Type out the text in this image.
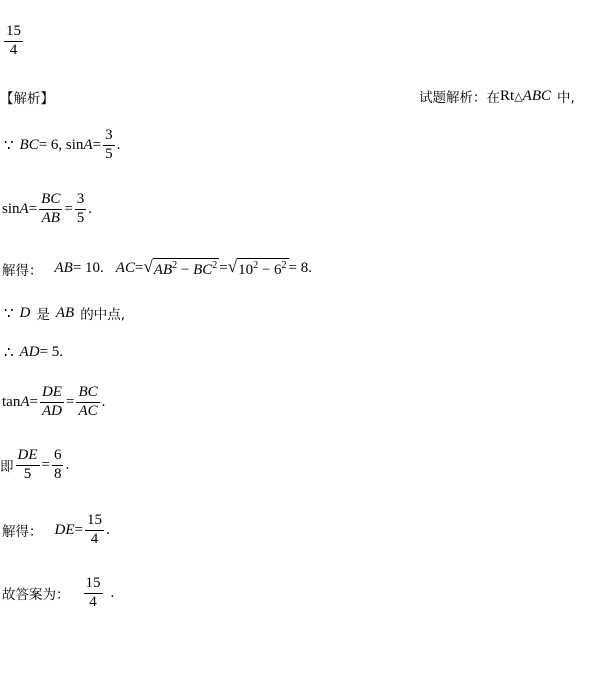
$\frac{15}{4}$
【解析】	试题解析：在 Rt △ ABC 中,
∵ BC = 6, $\sin A = \frac{3}{5}$ .
$\sin A = \frac{BC}{AB} = \frac{3}{5}$ .
解得： AB = 10. AC = √ $AB^2 - BC^2$ = √ $10^2 - 6^2 = 8$.
∵ D 是 AB 的中点,
∴ AD = 5.
$\tan A = \frac{DE}{AD} = \frac{BC}{AC}$ .
即 $\frac{DE}{5} = \frac{6}{8}$ .
解得： DE = $\frac{15}{4}$ .
故答案为： $\frac{15}{4}$ .
